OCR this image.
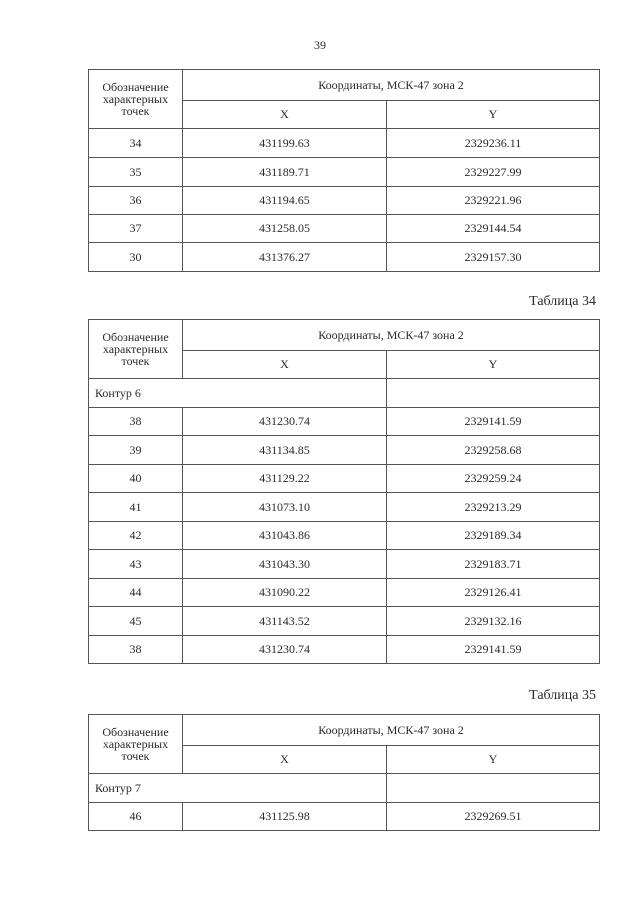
39
Обозначение характерных точек	Координаты, МСК-47 зона 2	
	X	Y
34	431199.63	2329236.11
35	431189.71	2329227.99
36	431194.65	2329221.96
37	431258.05	2329144.54
30	431376.27	2329157.30
Таблица 34
Обозначение характерных точек	Координаты, МСК-47 зона 2	
	X	Y
Контур 6		
38	431230.74	2329141.59
39	431134.85	2329258.68
40	431129.22	2329259.24
41	431073.10	2329213.29
42	431043.86	2329189.34
43	431043.30	2329183.71
44	431090.22	2329126.41
45	431143.52	2329132.16
38	431230.74	2329141.59
Таблица 35
Обозначение характерных точек	Координаты, МСК-47 зона 2	
	X	Y
Контур 7		
46	431125.98	2329269.51
